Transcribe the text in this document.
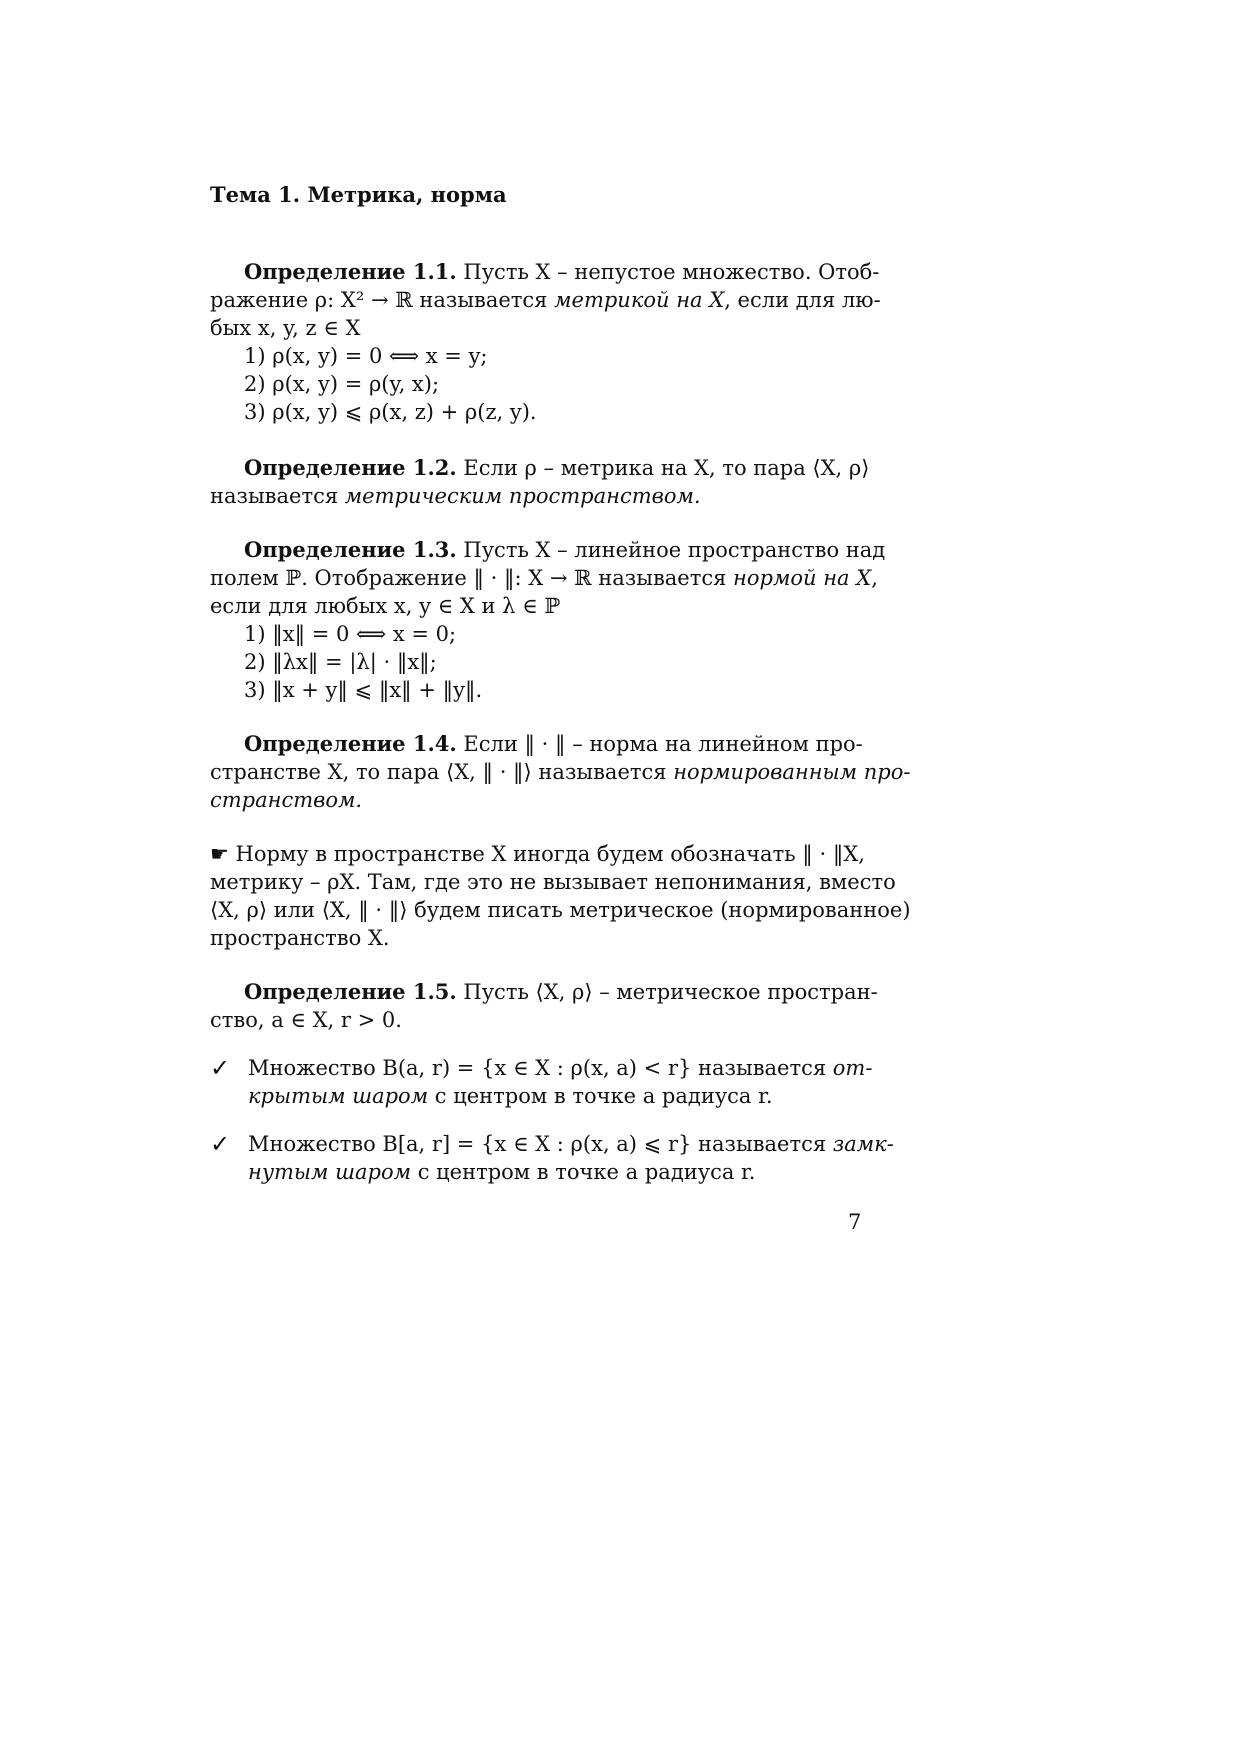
Тема 1. Метрика, норма
Определение 1.1. Пусть X – непустое множество. Отоб-
ражение ρ: X² → ℝ называется метрикой на X, если для лю-
бых x, y, z ∈ X
1) ρ(x, y) = 0 ⟺ x = y;
2) ρ(x, y) = ρ(y, x);
3) ρ(x, y) ⩽ ρ(x, z) + ρ(z, y).
Определение 1.2. Если ρ – метрика на X, то пара ⟨X, ρ⟩
называется метрическим пространством.
Определение 1.3. Пусть X – линейное пространство над
полем ℙ. Отображение ‖ · ‖: X → ℝ называется нормой на X,
если для любых x, y ∈ X и λ ∈ ℙ
1) ‖x‖ = 0 ⟺ x = 0;
2) ‖λx‖ = |λ| · ‖x‖;
3) ‖x + y‖ ⩽ ‖x‖ + ‖y‖.
Определение 1.4. Если ‖ · ‖ – норма на линейном про-
странстве X, то пара ⟨X, ‖ · ‖⟩ называется нормированным про-
странством.
☛ Норму в пространстве X иногда будем обозначать ‖ · ‖X,
метрику – ρX. Там, где это не вызывает непонимания, вместо
⟨X, ρ⟩ или ⟨X, ‖ · ‖⟩ будем писать метрическое (нормированное)
пространство X.
Определение 1.5. Пусть ⟨X, ρ⟩ – метрическое простран-
ство, a ∈ X, r > 0.
✓ Множество B(a, r) = {x ∈ X : ρ(x, a) < r} называется от-
крытым шаром с центром в точке a радиуса r.
✓ Множество B[a, r] = {x ∈ X : ρ(x, a) ⩽ r} называется замк-
нутым шаром с центром в точке a радиуса r.
7
